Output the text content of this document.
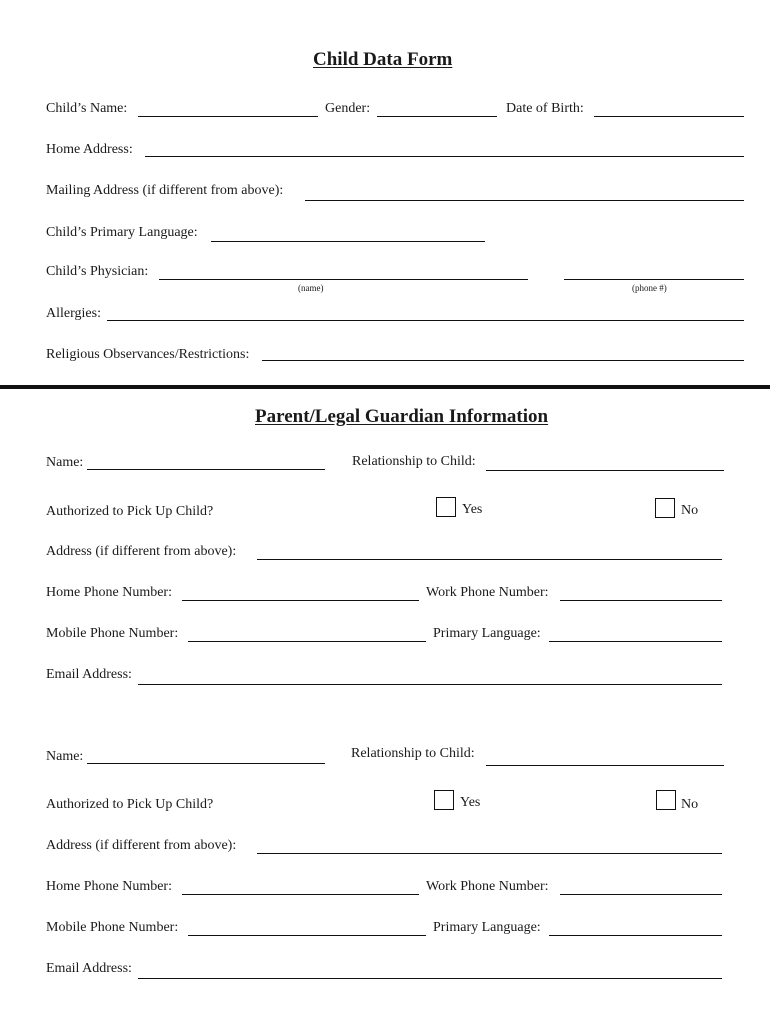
Child Data Form
Child’s Name:	Gender:	Date of Birth:
Home Address:
Mailing Address (if different from above):
Child’s Primary Language:
Child’s Physician:
(name)	(phone #)
Allergies:
Religious Observances/Restrictions:
Parent/Legal Guardian Information
Name:	Relationship to Child:
Authorized to Pick Up Child?	Yes	No
Address (if different from above):
Home Phone Number:	Work Phone Number:
Mobile Phone Number:	Primary Language:
Email Address:
Name:	Relationship to Child:
Authorized to Pick Up Child?	Yes	No
Address (if different from above):
Home Phone Number:	Work Phone Number:
Mobile Phone Number:	Primary Language:
Email Address:
